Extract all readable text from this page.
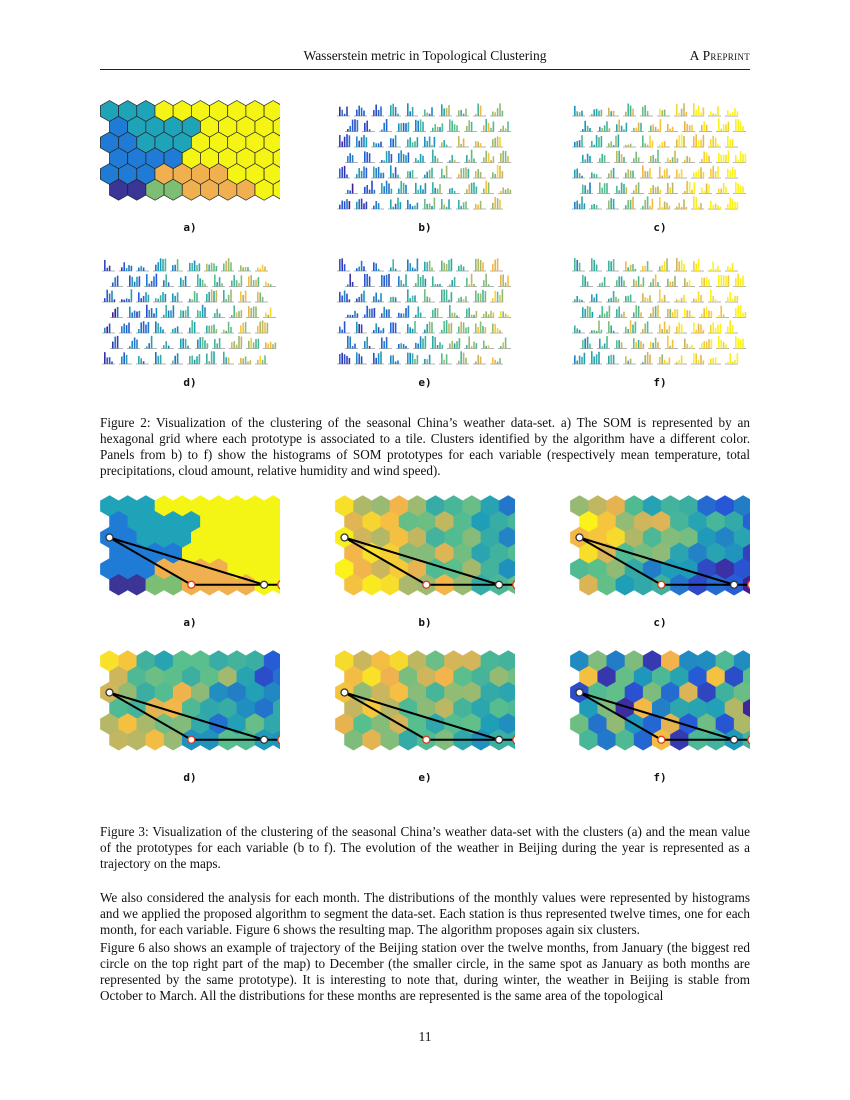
Wasserstein metric in Topological Clustering	A Preprint
a)	b)	c)
d)	e)	f)

Figure 2: Visualization of the clustering of the seasonal China’s weather data-set. a) The SOM is represented by an hexagonal grid where each prototype is associated to a tile. Clusters identified by the algorithm have a different color. Panels from b) to f) show the histograms of SOM prototypes for each variable (respectively mean temperature, total precipitations, cloud amount, relative humidity and wind speed).

a)	b)	c)
d)	e)	f)

Figure 3: Visualization of the clustering of the seasonal China’s weather data-set with the clusters (a) and the mean value of the prototypes for each variable (b to f). The evolution of the weather in Beijing during the year is represented as a trajectory on the maps.

We also considered the analysis for each month. The distributions of the monthly values were represented by histograms and we applied the proposed algorithm to segment the data-set. Each station is thus represented twelve times, one for each month, for each variable. Figure 6 shows the resulting map. The algorithm proposes again six clusters.

Figure 6 also shows an example of trajectory of the Beijing station over the twelve months, from January (the biggest red circle on the top right part of the map) to December (the smaller circle, in the same spot as January as both months are represented by the same prototype). It is interesting to note that, during winter, the weather in Beijing is stable from October to March. All the distributions for these months are represented is the same area of the topological

11
